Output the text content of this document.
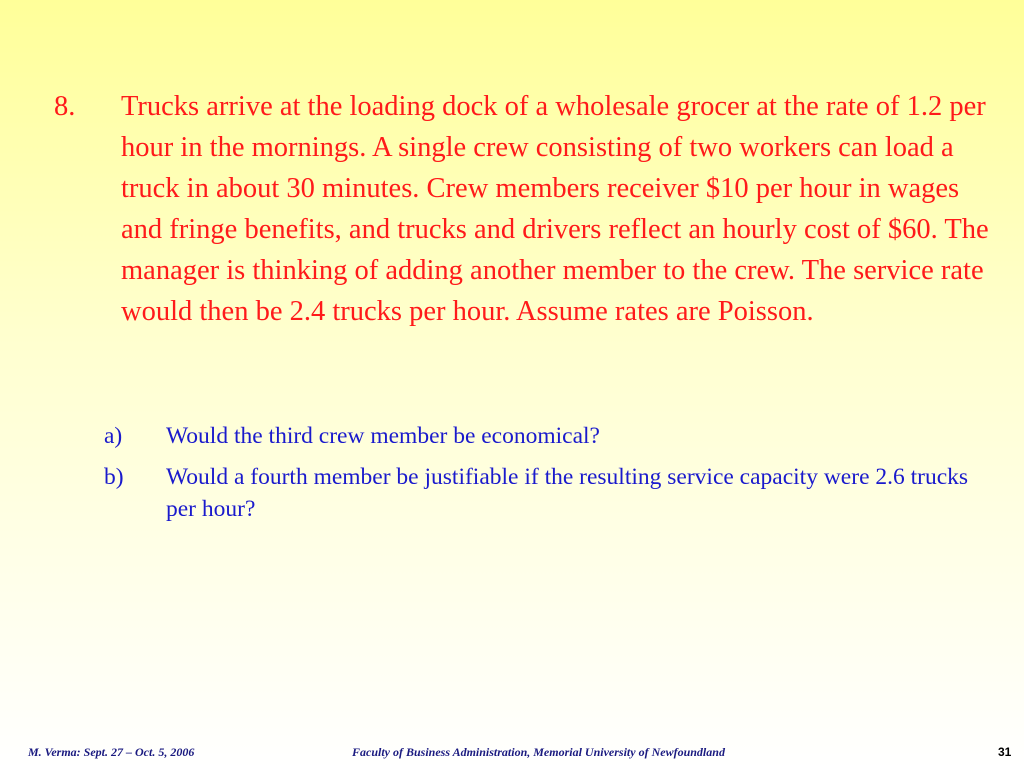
8. Trucks arrive at the loading dock of a wholesale grocer at the rate of 1.2 per hour in the mornings. A single crew consisting of two workers can load a truck in about 30 minutes. Crew members receiver $10 per hour in wages and fringe benefits, and trucks and drivers reflect an hourly cost of $60. The manager is thinking of adding another member to the crew. The service rate would then be 2.4 trucks per hour. Assume rates are Poisson.
a) Would the third crew member be economical?
b) Would a fourth member be justifiable if the resulting service capacity were 2.6 trucks per hour?
M. Verma: Sept. 27 – Oct. 5, 2006	Faculty of Business Administration, Memorial University of Newfoundland	31
